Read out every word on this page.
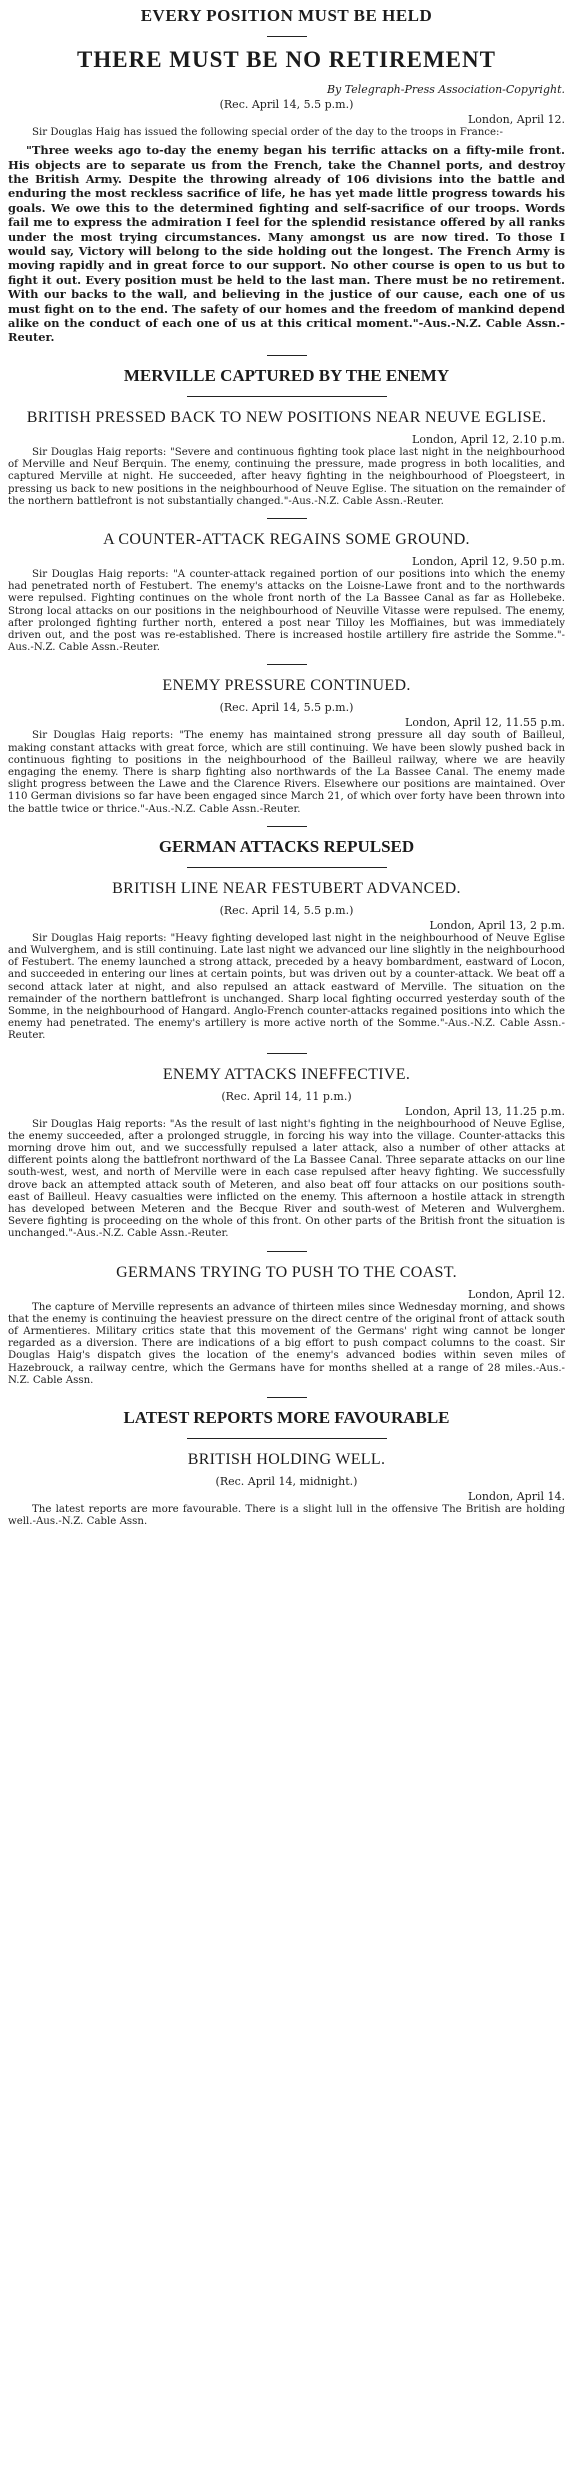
EVERY POSITION MUST BE HELD
THERE MUST BE NO RETIREMENT
By Telegraph-Press Association-Copyright.
(Rec. April 14, 5.5 p.m.)
London, April 12.

Sir Douglas Haig has issued the following special order of the day to the troops in France:-

"Three weeks ago to-day the enemy began his terrific attacks on a fifty-mile front. His objects are to separate us from the French, take the Channel ports, and destroy the British Army. Despite the throwing already of 106 divisions into the battle and enduring the most reckless sacrifice of life, he has yet made little progress towards his goals. We owe this to the determined fighting and self-sacrifice of our troops. Words fail me to express the admiration I feel for the splendid resistance offered by all ranks under the most trying circumstances. Many amongst us are now tired. To those I would say, Victory will belong to the side holding out the longest. The French Army is moving rapidly and in great force to our support. No other course is open to us but to fight it out. Every position must be held to the last man. There must be no retirement. With our backs to the wall, and believing in the justice of our cause, each one of us must fight on to the end. The safety of our homes and the freedom of mankind depend alike on the conduct of each one of us at this critical moment."-Aus.-N.Z. Cable Assn.-Reuter.

MERVILLE CAPTURED BY THE ENEMY
BRITISH PRESSED BACK TO NEW POSITIONS NEAR NEUVE EGLISE.
London, April 12, 2.10 p.m.

Sir Douglas Haig reports: "Severe and continuous fighting took place last night in the neighbourhood of Merville and Neuf Berquin. The enemy, continuing the pressure, made progress in both localities, and captured Merville at night. He succeeded, after heavy fighting in the neighbourhood of Ploegsteert, in pressing us back to new positions in the neighbourhood of Neuve Eglise. The situation on the remainder of the northern battlefront is not substantially changed."-Aus.-N.Z. Cable Assn.-Reuter.

A COUNTER-ATTACK REGAINS SOME GROUND.
London, April 12, 9.50 p.m.

Sir Douglas Haig reports: "A counter-attack regained portion of our positions into which the enemy had penetrated north of Festubert. The enemy's attacks on the Loisne-Lawe front and to the northwards were repulsed. Fighting continues on the whole front north of the La Bassee Canal as far as Hollebeke. Strong local attacks on our positions in the neighbourhood of Neuville Vitasse were repulsed. The enemy, after prolonged fighting further north, entered a post near Tilloy les Moffiaines, but was immediately driven out, and the post was re-established. There is increased hostile artillery fire astride the Somme."-Aus.-N.Z. Cable Assn.-Reuter.

ENEMY PRESSURE CONTINUED.
(Rec. April 14, 5.5 p.m.)
London, April 12, 11.55 p.m.

Sir Douglas Haig reports: "The enemy has maintained strong pressure all day south of Bailleul, making constant attacks with great force, which are still continuing. We have been slowly pushed back in continuous fighting to positions in the neighbourhood of the Bailleul railway, where we are heavily engaging the enemy. There is sharp fighting also northwards of the La Bassee Canal. The enemy made slight progress between the Lawe and the Clarence Rivers. Elsewhere our positions are maintained. Over 110 German divisions so far have been engaged since March 21, of which over forty have been thrown into the battle twice or thrice."-Aus.-N.Z. Cable Assn.-Reuter.

GERMAN ATTACKS REPULSED
BRITISH LINE NEAR FESTUBERT ADVANCED.
(Rec. April 14, 5.5 p.m.)
London, April 13, 2 p.m.

Sir Douglas Haig reports: "Heavy fighting developed last night in the neighbourhood of Neuve Eglise and Wulverghem, and is still continuing. Late last night we advanced our line slightly in the neighbourhood of Festubert. The enemy launched a strong attack, preceded by a heavy bombardment, eastward of Locon, and succeeded in entering our lines at certain points, but was driven out by a counter-attack. We beat off a second attack later at night, and also repulsed an attack eastward of Merville. The situation on the remainder of the northern battlefront is unchanged. Sharp local fighting occurred yesterday south of the Somme, in the neighbourhood of Hangard. Anglo-French counter-attacks regained positions into which the enemy had penetrated. The enemy's artillery is more active north of the Somme."-Aus.-N.Z. Cable Assn.-Reuter.

ENEMY ATTACKS INEFFECTIVE.
(Rec. April 14, 11 p.m.)
London, April 13, 11.25 p.m.

Sir Douglas Haig reports: "As the result of last night's fighting in the neighbourhood of Neuve Eglise, the enemy succeeded, after a prolonged struggle, in forcing his way into the village. Counter-attacks this morning drove him out, and we successfully repulsed a later attack, also a number of other attacks at different points along the battlefront northward of the La Bassee Canal. Three separate attacks on our line south-west, west, and north of Merville were in each case repulsed after heavy fighting. We successfully drove back an attempted attack south of Meteren, and also beat off four attacks on our positions south-east of Bailleul. Heavy casualties were inflicted on the enemy. This afternoon a hostile attack in strength has developed between Meteren and the Becque River and south-west of Meteren and Wulverghem. Severe fighting is proceeding on the whole of this front. On other parts of the British front the situation is unchanged."-Aus.-N.Z. Cable Assn.-Reuter.

GERMANS TRYING TO PUSH TO THE COAST.
London, April 12.

The capture of Merville represents an advance of thirteen miles since Wednesday morning, and shows that the enemy is continuing the heaviest pressure on the direct centre of the original front of attack south of Armentieres. Military critics state that this movement of the Germans' right wing cannot be longer regarded as a diversion. There are indications of a big effort to push compact columns to the coast. Sir Douglas Haig's dispatch gives the location of the enemy's advanced bodies within seven miles of Hazebrouck, a railway centre, which the Germans have for months shelled at a range of 28 miles.-Aus.-N.Z. Cable Assn.

LATEST REPORTS MORE FAVOURABLE
BRITISH HOLDING WELL.
(Rec. April 14, midnight.)
London, April 14.

The latest reports are more favourable. There is a slight lull in the offensive The British are holding well.-Aus.-N.Z. Cable Assn.
